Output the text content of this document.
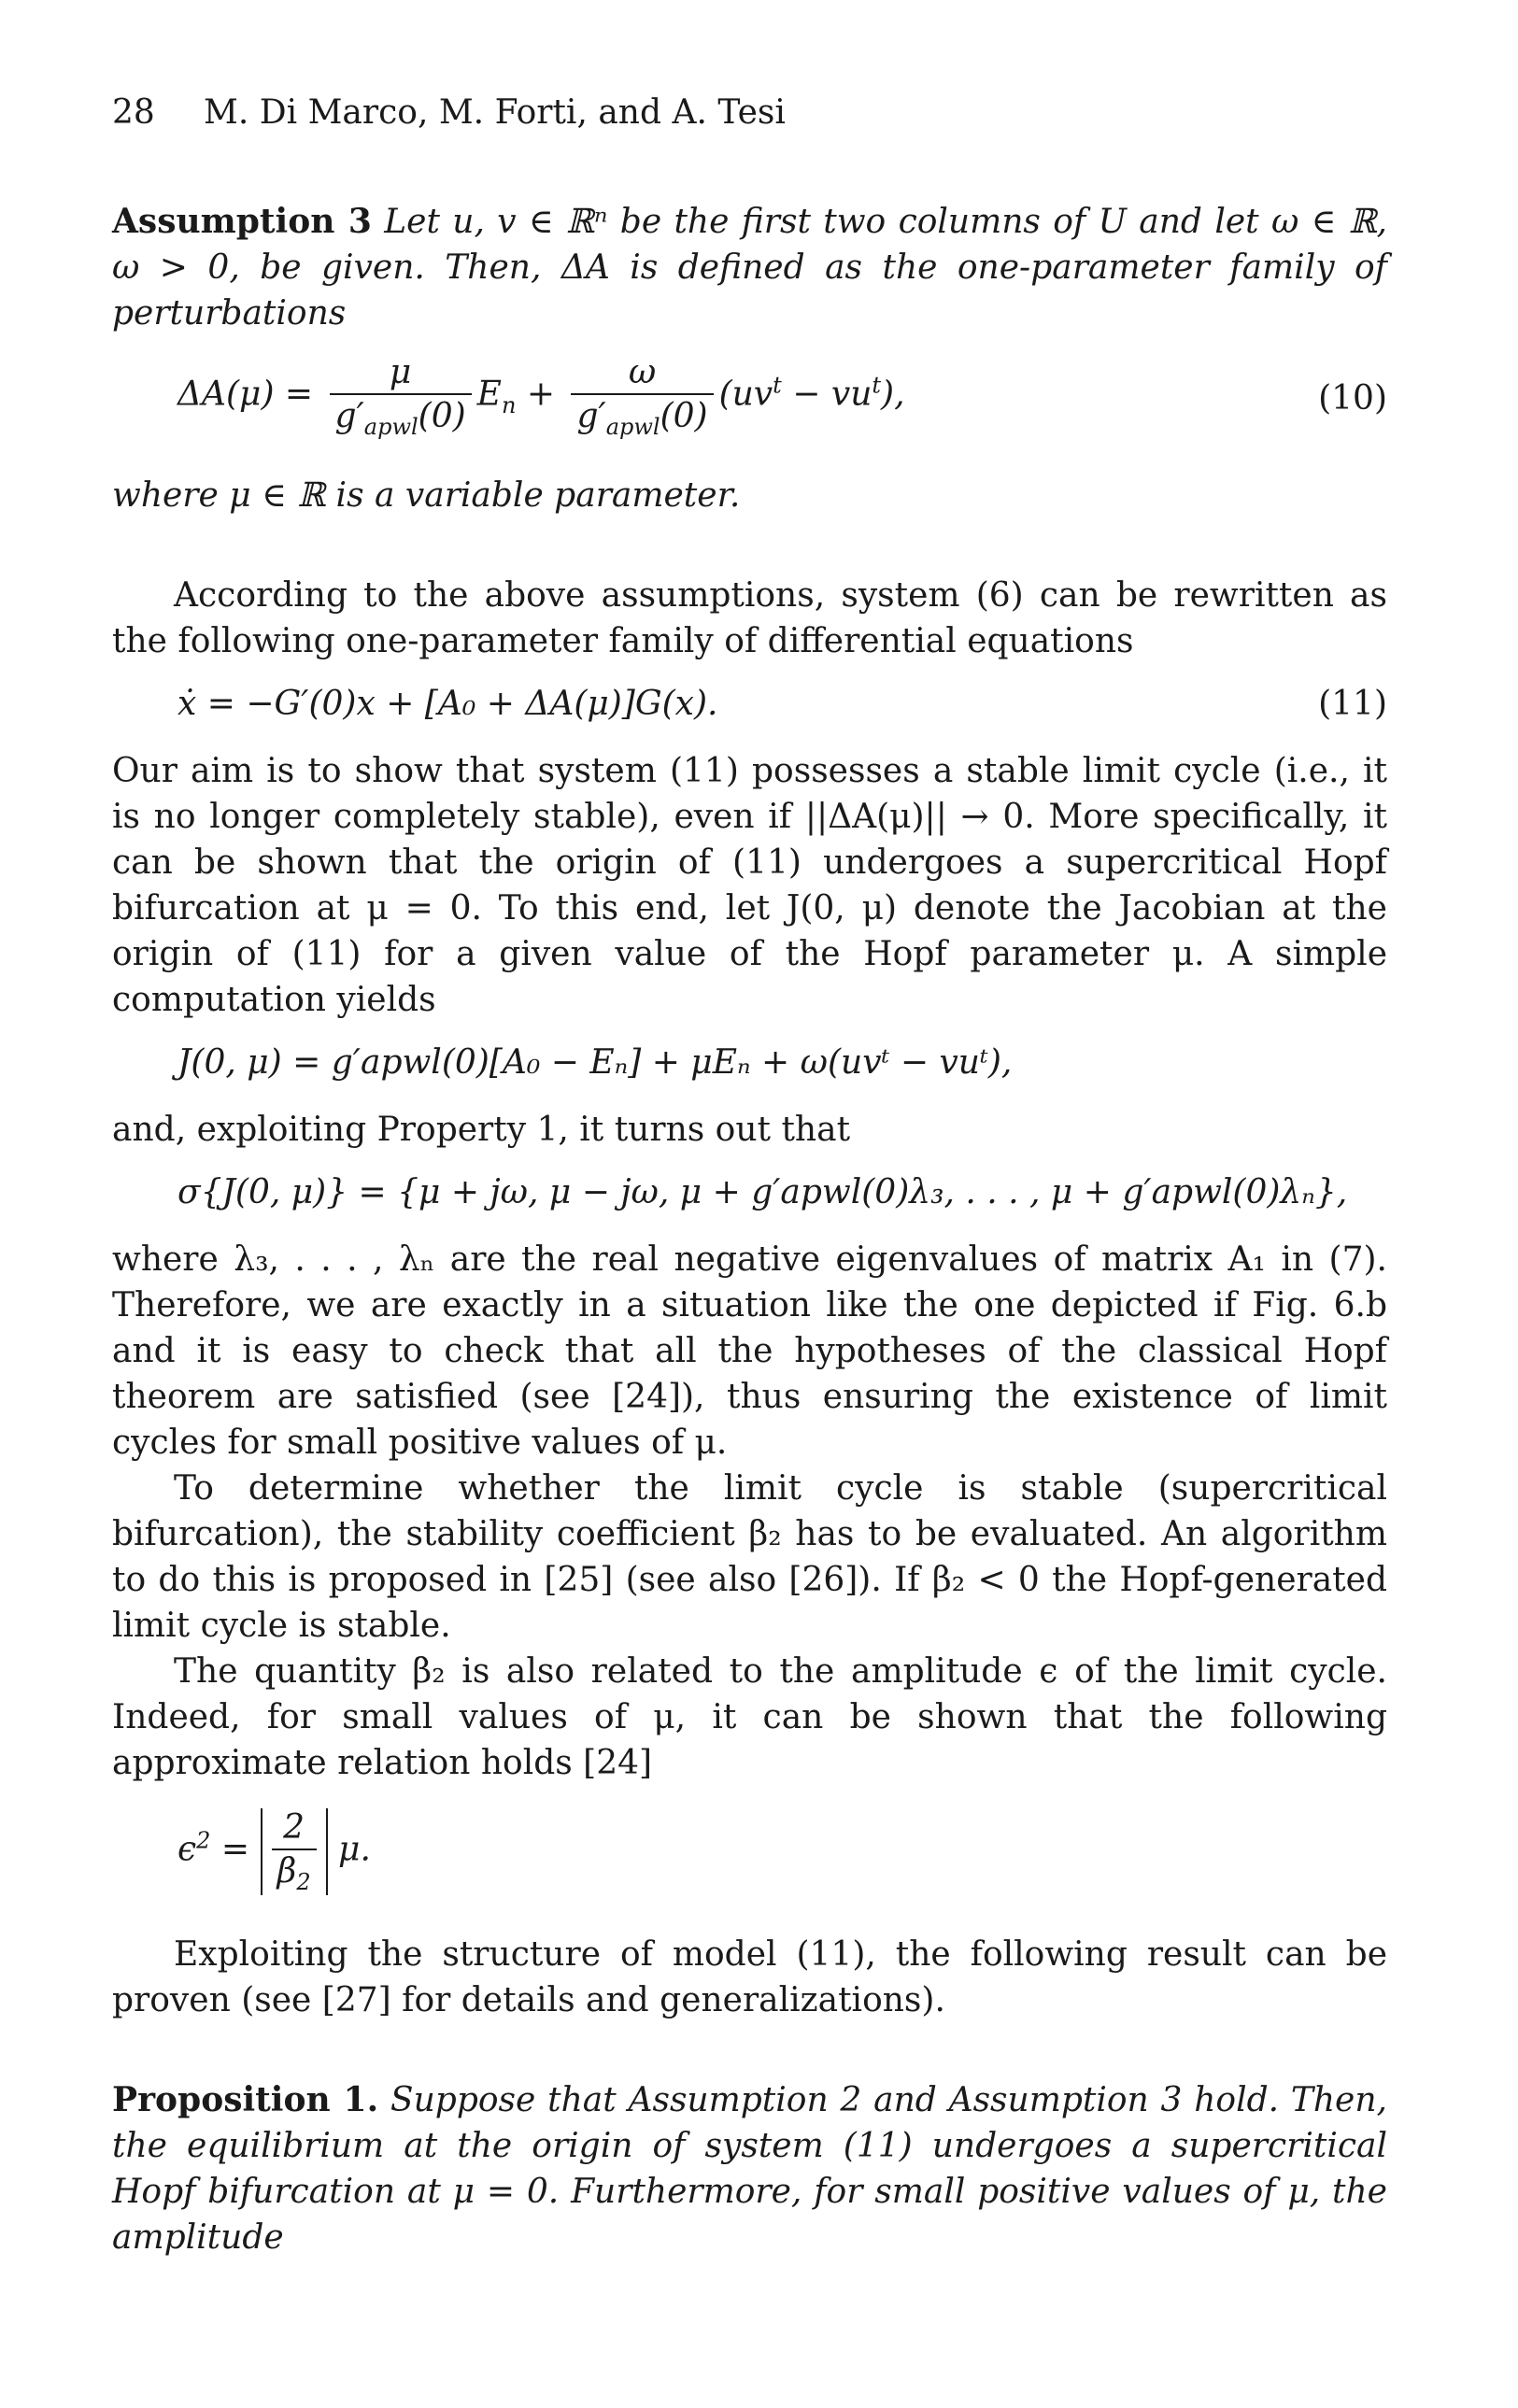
28 M. Di Marco, M. Forti, and A. Tesi

Assumption 3 Let u, v ∈ ℝⁿ be the first two columns of U and let ω ∈ ℝ, ω > 0, be given. Then, ΔA is defined as the one-parameter family of perturbations

$\Delta A(\mu) = \frac{\mu}{g'_{apwl}(0)} E_n + \frac{\omega}{g'_{apwl}(0)} (uv^t - vu^t)$,	(10)

where μ ∈ ℝ is a variable parameter.

According to the above assumptions, system (6) can be rewritten as the following one-parameter family of differential equations

ẋ = −G′(0)x + [A₀ + ΔA(μ)]G(x).	(11)

Our aim is to show that system (11) possesses a stable limit cycle (i.e., it is no longer completely stable), even if ||ΔA(μ)|| → 0. More specifically, it can be shown that the origin of (11) undergoes a supercritical Hopf bifurcation at μ = 0. To this end, let J(0, μ) denote the Jacobian at the origin of (11) for a given value of the Hopf parameter μ. A simple computation yields

J(0, μ) = g′apwl(0)[A₀ − Eₙ] + μEₙ + ω(uvᵗ − vuᵗ),

and, exploiting Property 1, it turns out that

σ{J(0, μ)} = {μ + jω, μ − jω, μ + g′apwl(0)λ₃, . . . , μ + g′apwl(0)λₙ},

where λ₃, . . . , λₙ are the real negative eigenvalues of matrix A₁ in (7). Therefore, we are exactly in a situation like the one depicted if Fig. 6.b and it is easy to check that all the hypotheses of the classical Hopf theorem are satisfied (see [24]), thus ensuring the existence of limit cycles for small positive values of μ.

To determine whether the limit cycle is stable (supercritical bifurcation), the stability coefficient β₂ has to be evaluated. An algorithm to do this is proposed in [25] (see also [26]). If β₂ < 0 the Hopf-generated limit cycle is stable.

The quantity β₂ is also related to the amplitude ϵ of the limit cycle. Indeed, for small values of μ, it can be shown that the following approximate relation holds [24]

$\epsilon^2 = \frac{2}{\beta_2} \mu$.

Exploiting the structure of model (11), the following result can be proven (see [27] for details and generalizations).

Proposition 1. Suppose that Assumption 2 and Assumption 3 hold. Then, the equilibrium at the origin of system (11) undergoes a supercritical Hopf bifurcation at μ = 0. Furthermore, for small positive values of μ, the amplitude
